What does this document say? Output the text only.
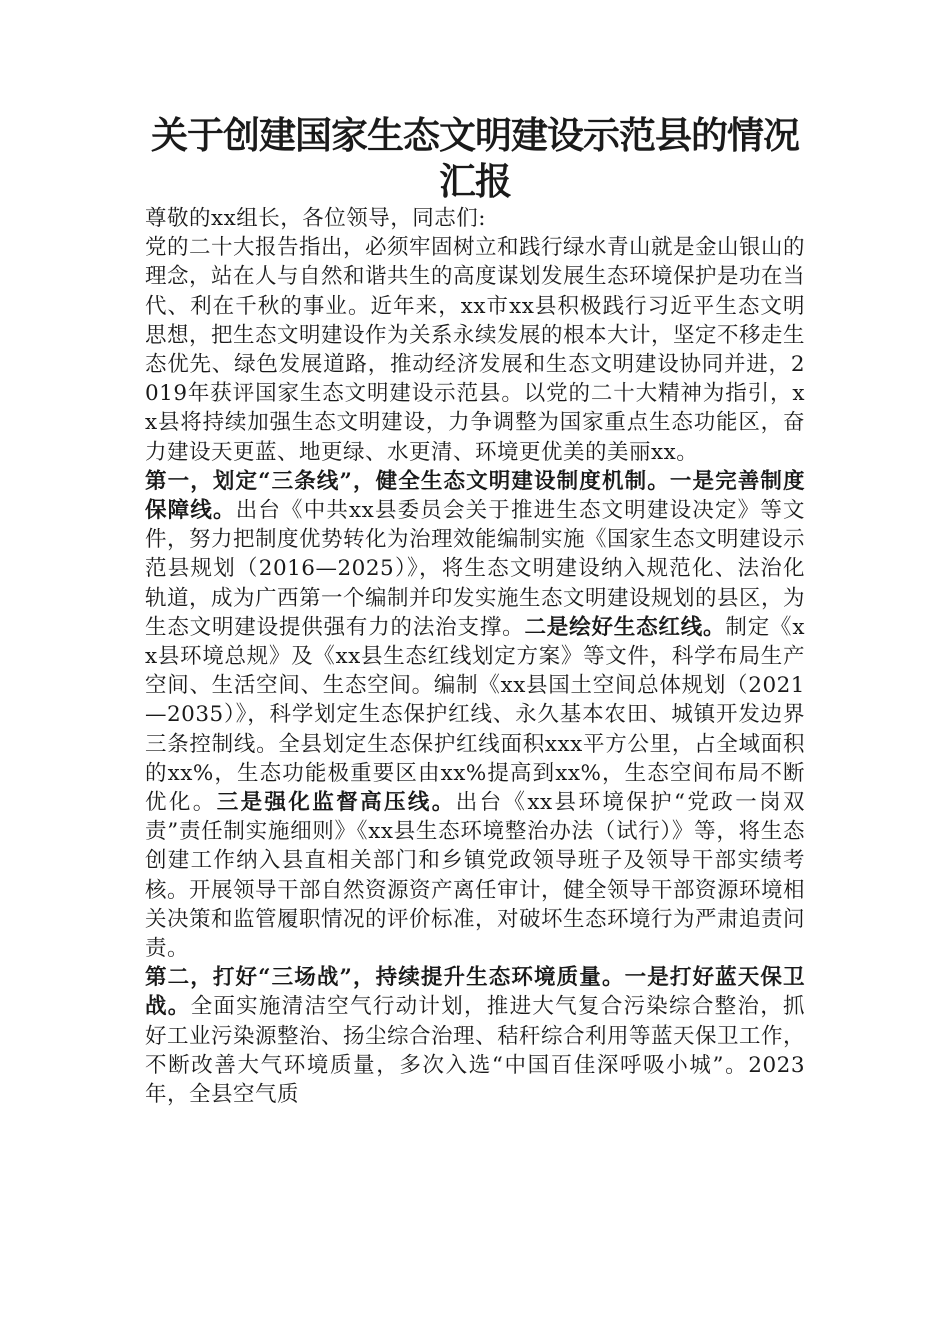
关于创建国家生态文明建设示范县的情况汇报

尊敬的xx组长，各位领导，同志们:

党的二十大报告指出，必须牢固树立和践行绿水青山就是金山银山的理念，站在人与自然和谐共生的高度谋划发展生态环境保护是功在当代、利在千秋的事业。近年来，xx市xx县积极践行习近平生态文明思想，把生态文明建设作为关系永续发展的根本大计，坚定不移走生态优先、绿色发展道路，推动经济发展和生态文明建设协同并进，2019年获评国家生态文明建设示范县。以党的二十大精神为指引，xx县将持续加强生态文明建设，力争调整为国家重点生态功能区，奋力建设天更蓝、地更绿、水更清、环境更优美的美丽xx。

第一，划定“三条线”，健全生态文明建设制度机制。一是完善制度保障线。出台《中共xx县委员会关于推进生态文明建设决定》等文件，努力把制度优势转化为治理效能编制实施《国家生态文明建设示范县规划（2016—2025）》，将生态文明建设纳入规范化、法治化轨道，成为广西第一个编制并印发实施生态文明建设规划的县区，为生态文明建设提供强有力的法治支撑。二是绘好生态红线。制定《xx县环境总规》及《xx县生态红线划定方案》等文件，科学布局生产空间、生活空间、生态空间。编制《xx县国土空间总体规划（2021—2035）》，科学划定生态保护红线、永久基本农田、城镇开发边界三条控制线。全县划定生态保护红线面积xxx平方公里，占全域面积的xx%，生态功能极重要区由xx%提高到xx%，生态空间布局不断优化。三是强化监督高压线。出台《xx县环境保护“党政一岗双责”责任制实施细则》《xx县生态环境整治办法（试行）》等，将生态创建工作纳入县直相关部门和乡镇党政领导班子及领导干部实绩考核。开展领导干部自然资源资产离任审计，健全领导干部资源环境相关决策和监管履职情况的评价标准，对破坏生态环境行为严肃追责问责。

第二，打好“三场战”，持续提升生态环境质量。一是打好蓝天保卫战。全面实施清洁空气行动计划，推进大气复合污染综合整治，抓好工业污染源整治、扬尘综合治理、秸秆综合利用等蓝天保卫工作，不断改善大气环境质量，多次入选“中国百佳深呼吸小城”。2023年，全县空气质
